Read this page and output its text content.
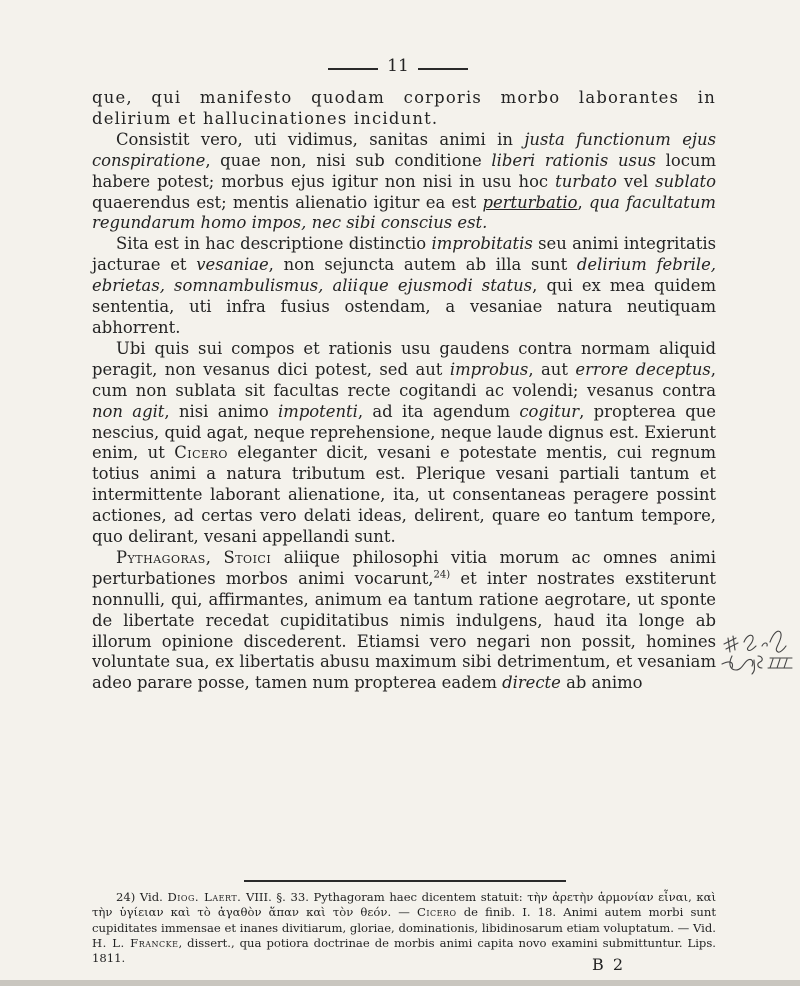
11

que, qui manifesto quodam corporis morbo laborantes in delirium et hallucinationes incidunt.

Consistit vero, uti vidimus, sanitas animi in justa functionum ejus conspiratione, quae non, nisi sub conditione liberi rationis usus locum habere potest; morbus ejus igitur non nisi in usu hoc turbato vel sublato quaerendus est; mentis alienatio igitur ea est perturbatio, qua facultatum regundarum homo impos, nec sibi conscius est.

Sita est in hac descriptione distinctio improbitatis seu animi integritatis jacturae et vesaniae, non sejuncta autem ab illa sunt delirium febrile, ebrietas, somnambulismus, aliique ejusmodi status, qui ex mea quidem sententia, uti infra fusius ostendam, a vesaniae natura neutiquam abhorrent.

Ubi quis sui compos et rationis usu gaudens contra normam aliquid peragit, non vesanus dici potest, sed aut improbus, aut errore deceptus, cum non sublata sit facultas recte cogitandi ac volendi; vesanus contra non agit, nisi animo impotenti, ad ita agendum cogitur, propterea que nescius, quid agat, neque reprehensione, neque laude dignus est. Exierunt enim, ut Cicero eleganter dicit, vesani e potestate mentis, cui regnum totius animi a natura tributum est. Plerique vesani partiali tantum et intermittente laborant alienatione, ita, ut consentaneas peragere possint actiones, ad certas vero delati ideas, delirent, quare eo tantum tempore, quo delirant, vesani appellandi sunt.

Pythagoras, Stoici aliique philosophi vitia morum ac omnes animi perturbationes morbos animi vocarunt,$^{24)}$ et inter nostrates exstiterunt nonnulli, qui, affirmantes, animum ea tantum ratione aegrotare, ut sponte de libertate recedat cupiditatibus nimis indulgens, haud ita longe ab illorum opinione discederent. Etiamsi vero negari non possit, homines voluntate sua, ex libertatis abusu maximum sibi detrimentum, et vesaniam adeo parare posse, tamen num propterea eadem directe ab animo

24) Vid. Diog. Laert. VIII. §. 33. Pythagoram haec dicentem statuit: τὴν ἀρετὴν ἁρμονίαν εἶναι, καὶ τὴν ὑγίειαν καὶ τὸ ἀγαθὸν ἅπαν καὶ τὸν θεόν. — Cicero de finib. I. 18. Animi autem morbi sunt cupiditates immensae et inanes divitiarum, gloriae, dominationis, libidinosarum etiam voluptatum. — Vid. H. L. Francke, dissert., qua potiora doctrinae de morbis animi capita novo examini submittuntur. Lips. 1811.	B 2
